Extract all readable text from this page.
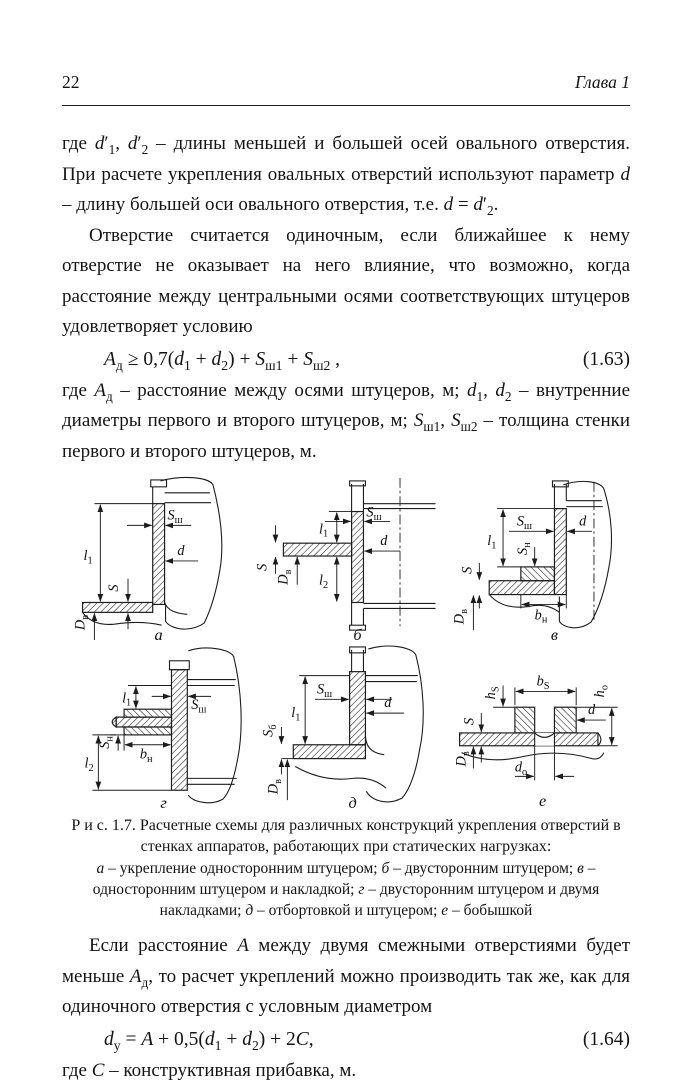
22	Глава 1

где $d'_1$, $d'_2$ – длины меньшей и большей осей овального отверстия. При расчете укрепления овальных отверстий используют параметр d – длину большей оси овального отверстия, т.е. $d = d'_2$.

Отверстие считается одиночным, если ближайшее к нему отверстие не оказывает на него влияние, что возможно, когда расстояние между центральными осями соответствующих штуцеров удовлетворяет условию

$A_д \ge 0,7(d_1 + d_2) + S_{ш1} + S_{ш2}$ ,	(1.63)

где $A_д$ – расстояние между осями штуцеров, м; $d_1$, $d_2$ – внутренние диаметры первого и второго штуцеров, м; $S_{ш1}$, $S_{ш2}$ – толщина стенки первого и второго штуцеров, м.

$l_1$
S
$S_ш$
d
$D_в$
а
$l_1$
$S_ш$
d
S
$D_в$
$l_2$
б
$l_1$
$S_ш$	d
$S_н$
S
$b_н$
$D_в$
в
$l_1$	$S_ш$
$S_н$
$b_н$
$l_2$
г
$S_ш$
d
$l_1$
$S_б$
$D_в$
д
$b_S$
$h_S$
S
d
$h_о$
$D_в$
$d_о$
е

Р и с. 1.7. Расчетные схемы для различных конструкций укрепления отверстий в стенках аппаратов, работающих при статических нагрузках:

а – укрепление односторонним штуцером; б – двусторонним штуцером; в – односторонним штуцером и накладкой; г – двусторонним штуцером и двумя накладками; д – отбортовкой и штуцером; е – бобышкой

Если расстояние A между двумя смежными отверстиями будет меньше $A_д$, то расчет укреплений можно производить так же, как для одиночного отверстия с условным диаметром

$d_у = A + 0,5(d_1 + d_2) + 2C$,	(1.64)

где C – конструктивная прибавка, м.
